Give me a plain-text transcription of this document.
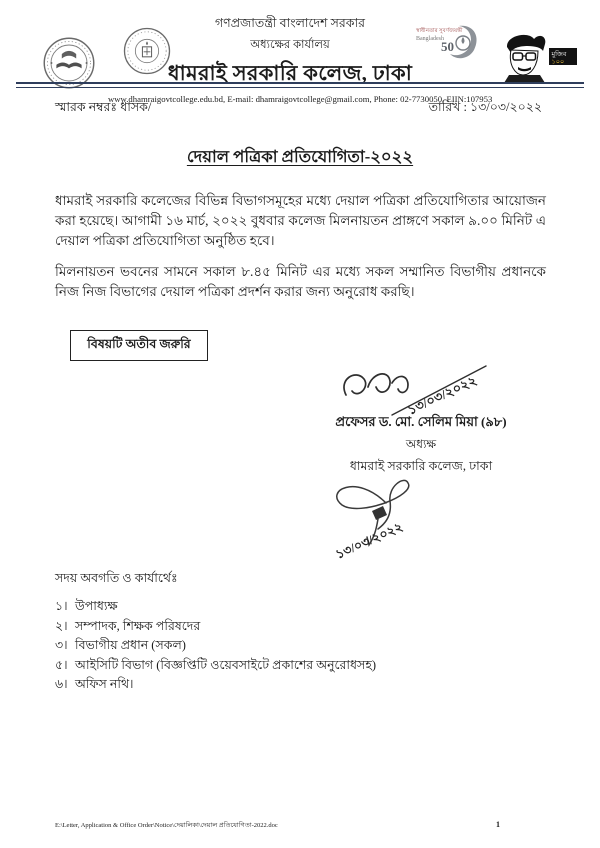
গণপ্রজাতন্ত্রী বাংলাদেশ সরকার
অধ্যক্ষের কার্যালয়
ধামরাই সরকারি কলেজ, ঢাকা
www.dhamraigovtcollege.edu.bd, E-mail: dhamraigovtcollege@gmail.com, Phone: 02-7730050, EIIN:107953
স্বাধীনতার সুবর্ণজয়ন্তী
Bangladesh
50
মুজিব
১০০
স্মারক নম্বরঃ ধাসক/	তারিখ : ১৩/০৩/২০২২
দেয়াল পত্রিকা প্রতিযোগিতা-২০২২

ধামরাই সরকারি কলেজের বিভিন্ন বিভাগসমূহের মধ্যে দেয়াল পত্রিকা প্রতিযোগিতার আয়োজন করা হয়েছে। আগামী ১৬ মার্চ, ২০২২ বুধবার কলেজ মিলনায়তন প্রাঙ্গণে সকাল ৯.০০ মিনিট এ দেয়াল পত্রিকা প্রতিযোগিতা অনুষ্ঠিত হবে।

মিলনায়তন ভবনের সামনে সকাল ৮.৪৫ মিনিট এর মধ্যে সকল সম্মানিত বিভাগীয় প্রধানকে নিজ নিজ বিভাগের দেয়াল পত্রিকা প্রদর্শন করার জন্য অনুরোধ করছি।

বিষয়টি অতীব জরুরি
১৩/০৩/২০২২
প্রফেসর ড. মো. সেলিম মিয়া (৯৮)
অধ্যক্ষ
ধামরাই সরকারি কলেজ, ঢাকা
১৩/০৩/২০২২
সদয় অবগতি ও কার্যার্থেঃ
১। উপাধ্যক্ষ
২। সম্পাদক, শিক্ষক পরিষদের
৩। বিভাগীয় প্রধান (সকল)
৫। আইসিটি বিভাগ (বিজ্ঞপ্তিটি ওয়েবসাইটে প্রকাশের অনুরোধসহ)
৬। অফিস নথি।
E:\Letter, Application & Office Order\Notice\দেয়ালিকা\দেয়াল প্রতিযোগিতা-2022.doc	1
